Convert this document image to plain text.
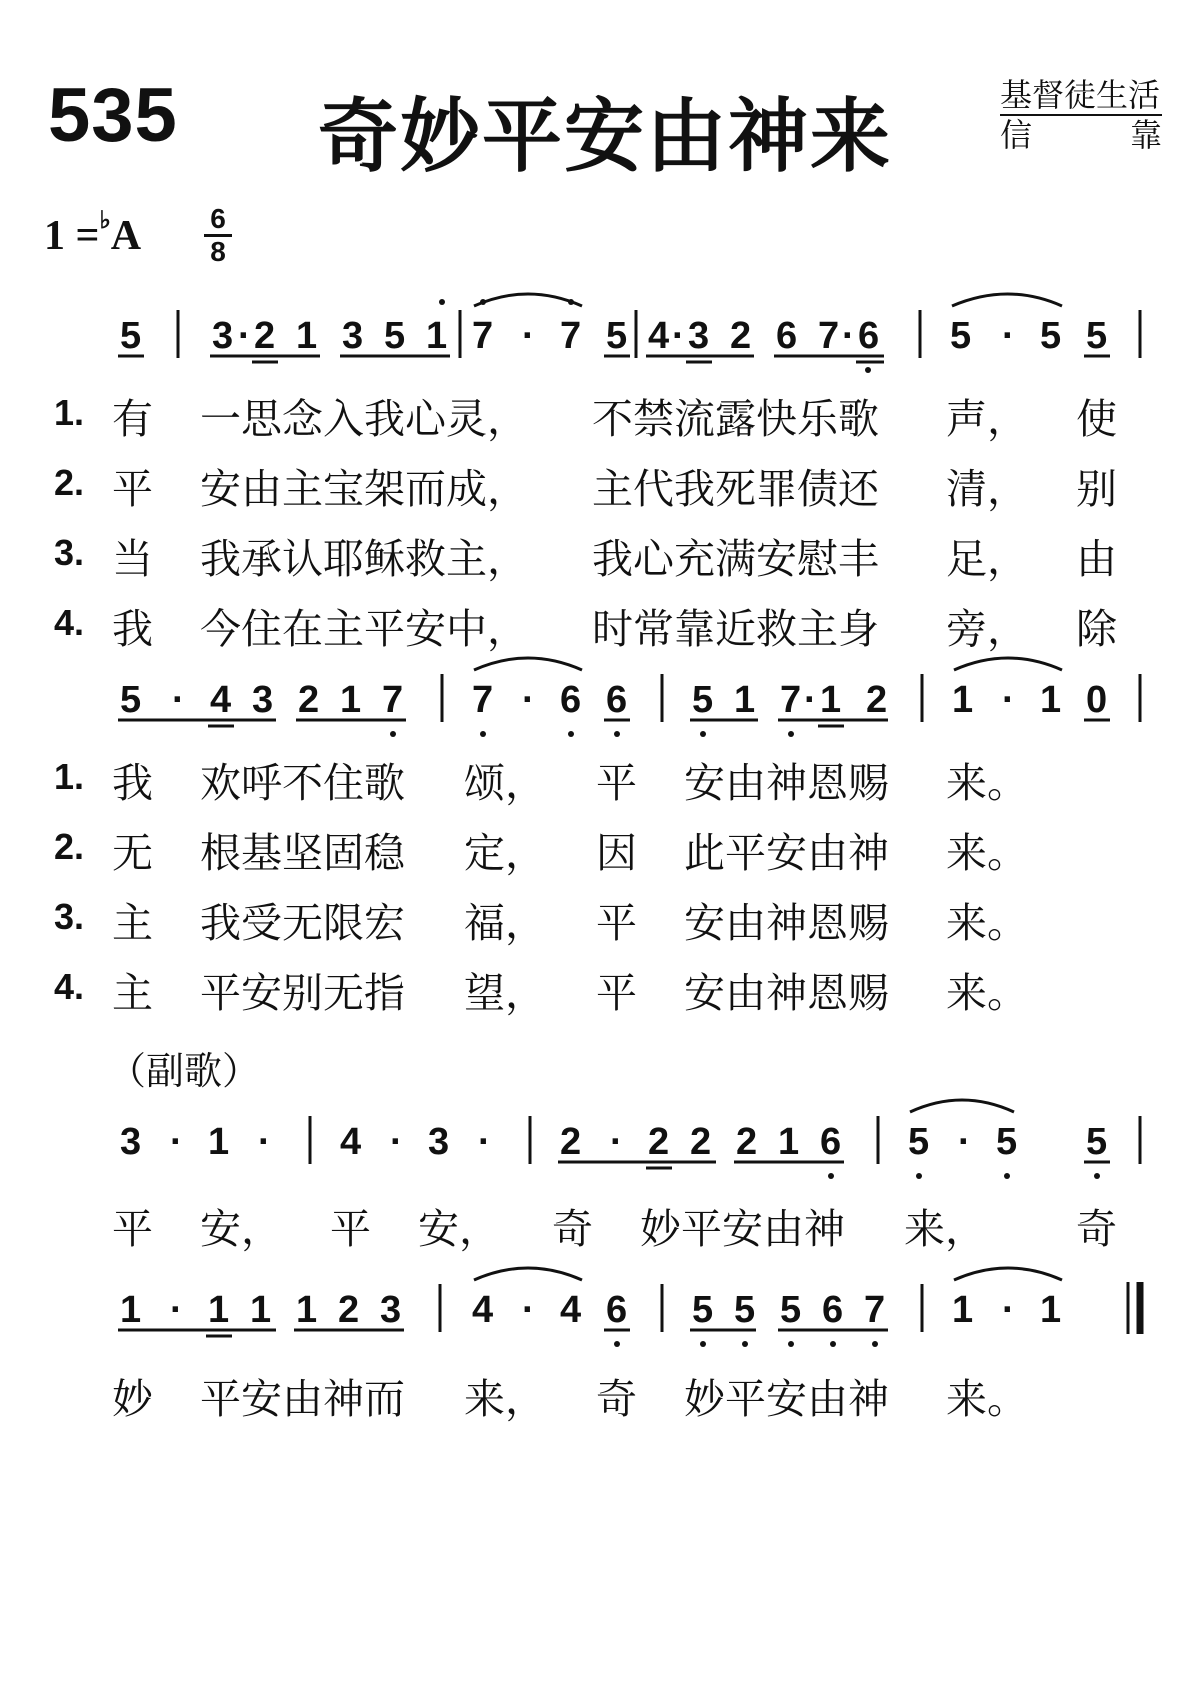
535 奇妙平安由神来	基督徒生活
信	靠
1 =♭A 6
8
5 3 · 2 1 3 5 1 7 · 7 5 4 · 3 2 6 7 · 6 5 · 5 5
1. 有 一思念入我心灵， 不禁流露快乐歌 声， 使
2. 平 安由主宝架而成， 主代我死罪债还 清， 别
3. 当 我承认耶稣救主， 我心充满安慰丰 足， 由
4. 我 今住在主平安中， 时常靠近救主身 旁， 除
5 · 4 3 2 1 7 7 · 6 6 5 1 7 · 1 2 1 · 1 0
1. 我 欢呼不住歌 颂， 平 安由神恩赐 来。
2. 无 根基坚固稳 定， 因 此平安由神 来。
3. 主 我受无限宏 福， 平 安由神恩赐 来。
4. 主 平安别无指 望， 平 安由神恩赐 来。
（副歌）
3 · 1 · 4 · 3 · 2 · 2 2 2 1 6 5 · 5 5
平 安， 平 安， 奇 妙平安由神 来， 奇
1 · 1 1 1 2 3 4 · 4 6 5 5 5 6 7 1 · 1
妙 平安由神而 来， 奇 妙平安由神 来。
